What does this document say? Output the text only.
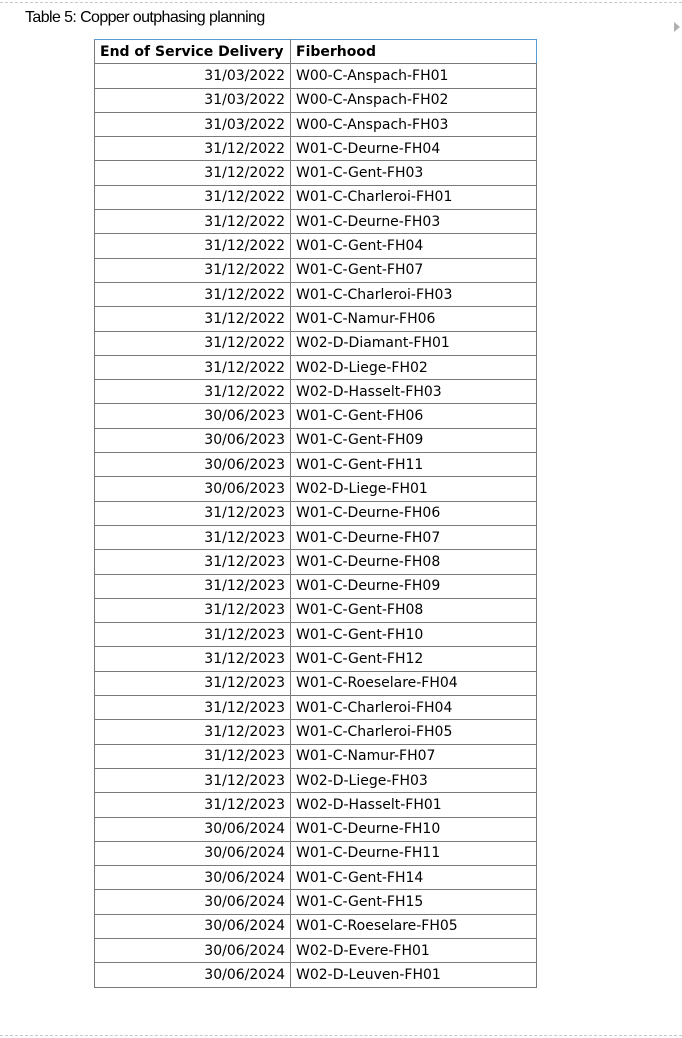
Table 5: Copper outphasing planning
End of Service Delivery	Fiberhood
31/03/2022	W00-C-Anspach-FH01
31/03/2022	W00-C-Anspach-FH02
31/03/2022	W00-C-Anspach-FH03
31/12/2022	W01-C-Deurne-FH04
31/12/2022	W01-C-Gent-FH03
31/12/2022	W01-C-Charleroi-FH01
31/12/2022	W01-C-Deurne-FH03
31/12/2022	W01-C-Gent-FH04
31/12/2022	W01-C-Gent-FH07
31/12/2022	W01-C-Charleroi-FH03
31/12/2022	W01-C-Namur-FH06
31/12/2022	W02-D-Diamant-FH01
31/12/2022	W02-D-Liege-FH02
31/12/2022	W02-D-Hasselt-FH03
30/06/2023	W01-C-Gent-FH06
30/06/2023	W01-C-Gent-FH09
30/06/2023	W01-C-Gent-FH11
30/06/2023	W02-D-Liege-FH01
31/12/2023	W01-C-Deurne-FH06
31/12/2023	W01-C-Deurne-FH07
31/12/2023	W01-C-Deurne-FH08
31/12/2023	W01-C-Deurne-FH09
31/12/2023	W01-C-Gent-FH08
31/12/2023	W01-C-Gent-FH10
31/12/2023	W01-C-Gent-FH12
31/12/2023	W01-C-Roeselare-FH04
31/12/2023	W01-C-Charleroi-FH04
31/12/2023	W01-C-Charleroi-FH05
31/12/2023	W01-C-Namur-FH07
31/12/2023	W02-D-Liege-FH03
31/12/2023	W02-D-Hasselt-FH01
30/06/2024	W01-C-Deurne-FH10
30/06/2024	W01-C-Deurne-FH11
30/06/2024	W01-C-Gent-FH14
30/06/2024	W01-C-Gent-FH15
30/06/2024	W01-C-Roeselare-FH05
30/06/2024	W02-D-Evere-FH01
30/06/2024	W02-D-Leuven-FH01
